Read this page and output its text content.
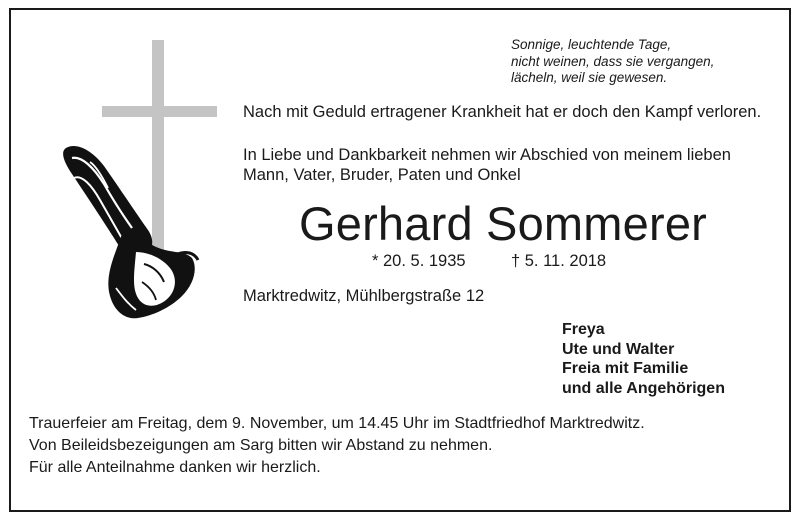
Sonnige, leuchtende Tage,
nicht weinen, dass sie vergangen,
lächeln, weil sie gewesen.
Nach mit Geduld ertragener Krankheit hat er doch den Kampf verloren.
In Liebe und Dankbarkeit nehmen wir Abschied von meinem lieben Mann, Vater, Bruder, Paten und Onkel
Gerhard Sommerer
* 20. 5. 1935	† 5. 11. 2018
Marktredwitz, Mühlbergstraße 12
Freya
Ute und Walter
Freia mit Familie
und alle Angehörigen
Trauerfeier am Freitag, dem 9. November, um 14.45 Uhr im Stadtfriedhof Marktredwitz.
Von Beileidsbezeigungen am Sarg bitten wir Abstand zu nehmen.
Für alle Anteilnahme danken wir herzlich.
